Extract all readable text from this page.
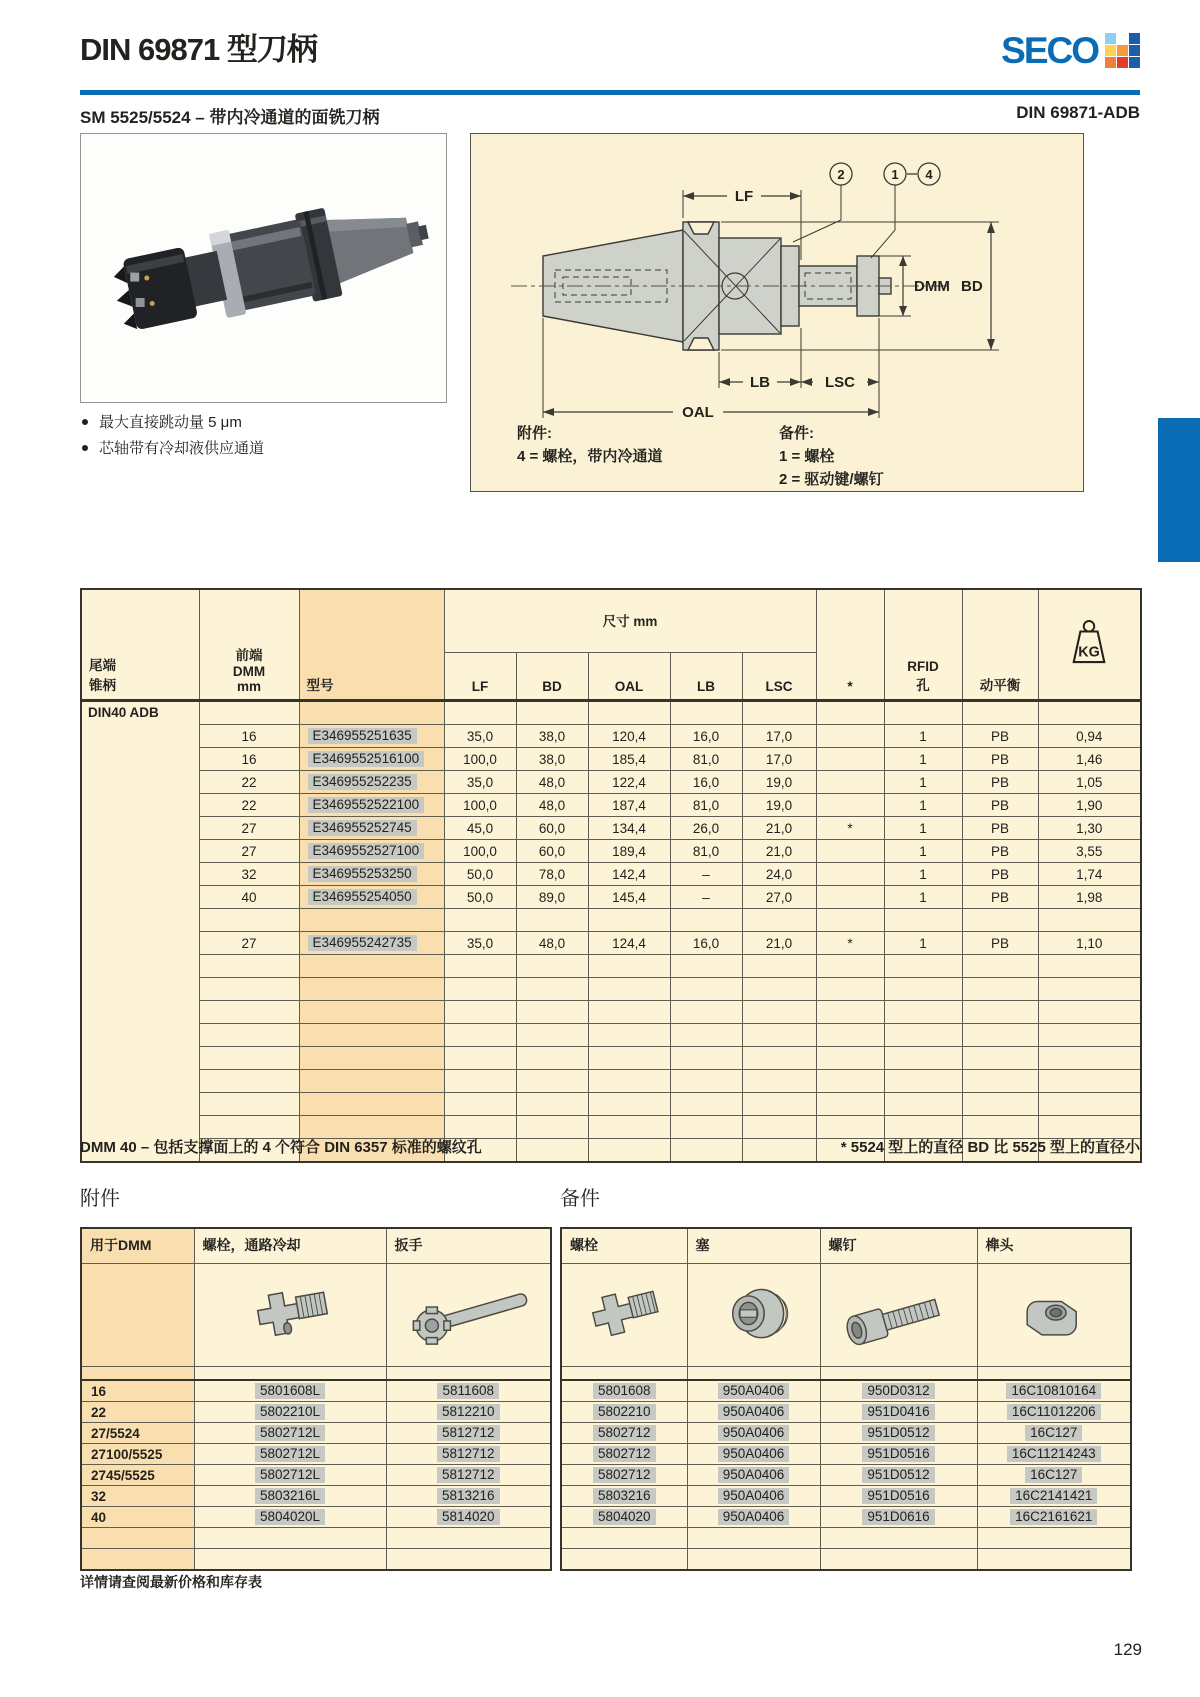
DIN 69871 型刀柄	SECO
SM 5525/5524 – 带内冷通道的面铣刀柄	DIN 69871-ADB
最大直接跳动量 5 μm
芯轴带有冷却液供应通道
LF
2	1 4
DMM BD
LB	LSC
OAL
附件:
4 = 螺栓，带内冷通道
备件:
1 = 螺栓
2 = 驱动键/螺钉
尾端
锥柄

前端
DMM
mm	型号
	尺寸 mm	*	
RFID
孔	动平衡

KG

			LF	BD	OAL	LB	LSC				
DIN40 ADB											
	16	E346955251635	35,0	38,0	120,4	16,0	17,0		1	PB	0,94
	16	E3469552516100	100,0	38,0	185,4	81,0	17,0		1	PB	1,46
	22	E346955252235	35,0	48,0	122,4	16,0	19,0		1	PB	1,05
	22	E3469552522100	100,0	48,0	187,4	81,0	19,0		1	PB	1,90
	27	E346955252745	45,0	60,0	134,4	26,0	21,0	*	1	PB	1,30
	27	E3469552527100	100,0	60,0	189,4	81,0	21,0		1	PB	3,55
	32	E346955253250	50,0	78,0	142,4	–	24,0		1	PB	1,74
	40	E346955254050	50,0	89,0	145,4	–	27,0		1	PB	1,98

	27	E346955242735	35,0	48,0	124,4	16,0	21,0	*	1	PB	1,10

DMM 40 – 包括支撑面上的 4 个符合 DIN 6357 标准的螺纹孔	* 5524 型上的直径 BD 比 5525 型上的直径小
附件	备件
用于DMM	螺栓，通路冷却	扳手

16	5801608L	5811608
22	5802210L	5812210
27/5524	5802712L	5812712
27100/5525	5802712L	5812712
2745/5525	5802712L	5812712
32	5803216L	5813216
40	5804020L	5814020

螺栓	塞	螺钉	榫头

5801608	950A0406	950D0312	16C10810164
5802210	950A0406	951D0416	16C11012206
5802712	950A0406	951D0512	16C127
5802712	950A0406	951D0516	16C11214243
5802712	950A0406	951D0512	16C127
5803216	950A0406	951D0516	16C2141421
5804020	950A0406	951D0616	16C2161621

详情请查阅最新价格和库存表
129
